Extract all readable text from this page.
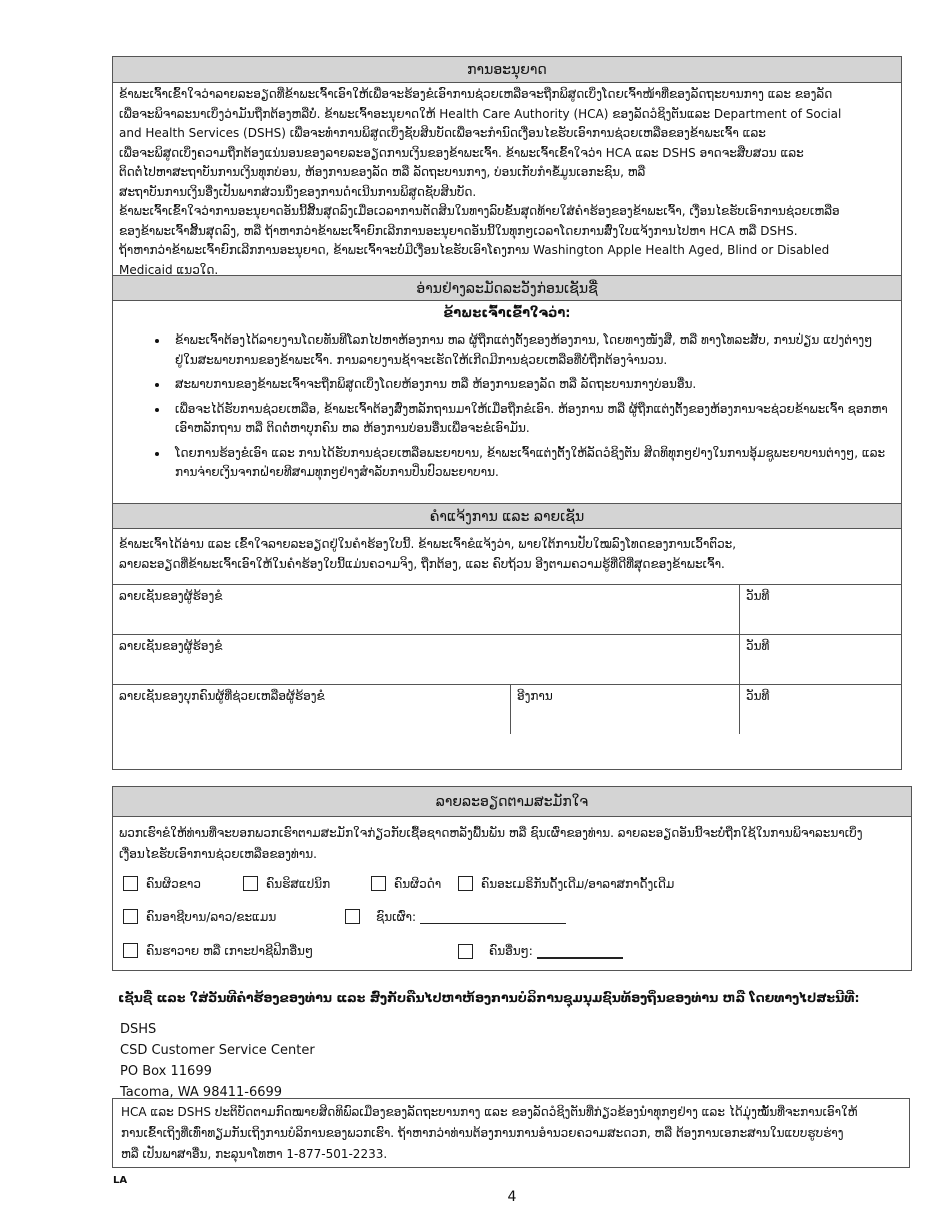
ການອະນຸຍາດ

ຂ້າພະເຈົ້າເຂົ້າໃຈວ່າລາຍລະອຽດທີ່ຂ້າພະເຈົ້າເອົາໃຫ້ເພື່ອຈະຮ້ອງຂໍເອົາການຊ່ວຍເຫລືອຈະຖືກພິສູດເບິ່ງໂດຍເຈົ້າໜ້າທີ່ຂອງລັດຖະບານກາງ ແລະ ຂອງລັດ

ເພື່ອຈະພິຈາລະນາເບິ່ງວ່າມັນຖືກຕ້ອງຫລືບໍ່. ຂ້າພະເຈົ້າອະນຸຍາດໃຫ້ Health Care Authority (HCA) ຂອງລັດວໍຊິງຕັນແລະ Department of Social

and Health Services (DSHS) ເພື່ອຈະທຳການພິສູດເບິ່ງຊັບສິນບັດເພື່ອຈະກຳນົດເງື່ອນໄຂຮັບເອົາການຊ່ວຍເຫລືອຂອງຂ້າພະເຈົ້າ ແລະ

ເພື່ອຈະພິສູດເບິ່ງຄວາມຖືກຕ້ອງແນ່ນອນຂອງລາຍລະອຽດການເງິນຂອງຂ້າພະເຈົ້າ. ຂ້າພະເຈົ້າເຂົ້າໃຈວ່າ HCA ແລະ DSHS ອາດຈະສືບສວນ ແລະ

ຕິດຕໍ່ໄປຫາສະຖາບັນການເງິນທຸກບ່ອນ, ຫ້ອງການຂອງລັດ ຫລື ລັດຖະບານກາງ, ບ່ອນເກັບກຳຂໍ້ມູນເອກະຊົນ, ຫລື

ສະຖາບັນການເງິນອື່ງເປັນພາກສ່ວນນຶ່ງຂອງການດຳເນີນການພິສູດຊັບສິນບັດ.

ຂ້າພະເຈົ້າເຂົ້າໃຈວ່າການອະນຸຍາດອັນນີ້ສິ້ນສຸດລົງເມື່ອເວລາການຕັດສິນໃນທາງລົບຂັ້ນສຸດທ້າຍໃສ່ຄຳຮ້ອງຂອງຂ້າພະເຈົ້າ, ເງື່ອນໄຂຮັບເອົາການຊ່ວຍເຫລືອ

ຂອງຂ້າພະເຈົ້າສິ້ນສຸດລົງ, ຫລື ຖ້າຫາກວ່າຂ້າພະເຈົ້າຍົກເລີກການອະນຸຍາດອັນນີ້ໃນທຸກໆເວລາໂດຍການສົ່ງໃບແຈ້ງການໄປຫາ HCA ຫລື DSHS.

ຖ້າຫາກວ່າຂ້າພະເຈົ້າຍົກເລີກການອະນຸຍາດ, ຂ້າພະເຈົ້າຈະບໍ່ມີເງື່ອນໄຂຮັບເອົາໂຄງການ Washington Apple Health Aged, Blind or Disabled

Medicaid ແນວໃດ.

ອ່ານຢ່າງລະມັດລະວັງກ່ອນເຊັນຊື່
ຂ້າພະເຈົ້າເຂົ້າໃຈວ່າ:
• ຂ້າພະເຈົ້າຕ້ອງໄດ້ລາຍງານໂດຍທັນທີໂລກໄປຫາຫ້ອງການ ຫລ ຜູ້ຖືກແຕ່ງຕັ້ງຂອງຫ້ອງການ, ໂດຍທາງໜັງສື, ຫລື ທາງໂທລະສັບ, ການປ່ຽນ ແປງຕ່າງໆຢູ່ໃນສະພາບການຂອງຂ້າພະເຈົ້າ. ການລາຍງານຊ້າຈະເຮັດໃຫ້ເກີດມີການຊ່ວຍເຫລືອທີ່ບໍ່ຖືກຕ້ອງຈຳນວນ.
• ສະພາບການຂອງຂ້າພະເຈົ້າຈະຖືກພິສູດເບິ່ງໂດຍຫ້ອງການ ຫລື ຫ້ອງການຂອງລັດ ຫລື ລັດຖະບານກາງບ່ອນອື່ນ.
• ເພື່ອຈະໄດ້ຮັບການຊ່ວຍເຫລືອ, ຂ້າພະເຈົ້າຕ້ອງສົ່ງຫລັກຖານມາໃຫ້ເມື່ອຖືກຂໍເອົາ. ຫ້ອງການ ຫລື ຜູ້ຖືກແຕ່ງຕັ້ງຂອງຫ້ອງການຈະຊ່ວຍຂ້າພະເຈົ້າ ຊອກຫາເອົາຫລັກຖານ ຫລື ຕິດຕໍ່ຫາບຸກຄົນ ຫລ ຫ້ອງການບ່ອນອື່ນເພື່ອຈະຂໍເອົາມັນ.
• ໂດຍການຮ້ອງຂໍເອົາ ແລະ ການໄດ້ຮັບການຊ່ວຍເຫລືອພະຍາບານ, ຂ້າພະເຈົ້າແຕ່ງຕັ້ງໃຫ້ລັດວໍຊິງຕັນ ສິດທິທຸກໆຢ່າງໃນການອຸ້ມຊູພະຍາບານຕ່າງໆ, ແລະ ການຈ່າຍເງິນຈາກຝ່າຍທີສາມທຸກໆຢ່າງສຳລັບການປິ່ນປົວພະຍາບານ.
ຄຳແຈ້ງການ ແລະ ລາຍເຊັນ

ຂ້າພະເຈົ້າໄດ້ອ່ານ ແລະ ເຂົ້າໃຈລາຍລະອຽດຢູ່ໃນຄຳຮ້ອງໃບນີ້. ຂ້າພະເຈົ້າຂໍແຈ້ງວ່າ, ພາຍໃຕ້ການປັບໃໝລົງໂທດຂອງການເວົ້າຕົວະ,

ລາຍລະອຽດທີ່ຂ້າພະເຈົ້າເອົາໃຫ້ໃນຄຳຮ້ອງໃບນີ້ແມ່ນຄວາມຈິງ, ຖືກຕ້ອງ, ແລະ ຄົບຖ້ວນ ອີງຕາມຄວາມຮູ້ທີ່ດີທີ່ສຸດຂອງຂ້າພະເຈົ້າ.

ລາຍເຊັນຂອງຜູ້ຮ້ອງຂໍ	ວັນທີ
ລາຍເຊັນຂອງຜູ້ຮ້ອງຂໍ	ວັນທີ
ລາຍເຊັນຂອງບຸກຄົນຜູ້ທີ່ຊ່ວຍເຫລືອຜູ້ຮ້ອງຂໍ	ອີງການ	ວັນທີ
ລາຍລະອຽດຕາມສະມັກໃຈ

ພວກເຮົາຂໍໃຫ້ທ່ານທີ່ຈະບອກພວກເຮົາຕາມສະມັກໃຈກ່ຽວກັບເຊື້ອຊາດຫລັງພື້ນພັນ ຫລື ຊົນເຜົ່າຂອງທ່ານ. ລາຍລະອຽດອັນນີ້ຈະບໍ່ຖືກໃຊ້ໃນການພິຈາລະນາເບິ່ງ

ເງື່ອນໄຂຮັບເອົາການຊ່ວຍເຫລືອຂອງທ່ານ.

ຄົນຜິວຂາວ	ຄົນຮິສແປນິກ	ຄົນຜິວດຳ	ຄົນອະເມຣິກັນດັ້ງເດີມ/ອາລາສກາດັ້ງເດີມ
ຄົນອາຊີບານ/ລາວ/ຂະແມນ	ຊົນເຜົ່າ:
ຄົນຮາວາຍ ຫລື ເກາະປາຊີຟິກອື່ນໆ	ຄົນອື່ນໆ:
ເຊັນຊື່ ແລະ ໃສ່ວັນທີຄຳຮ້ອງຂອງທ່ານ ແລະ ສົ່ງກັບຄືນໄປຫາຫ້ອງການບໍລິການຊຸມນຸມຊົນທ້ອງຖິ່ນຂອງທ່ານ ຫລື ໂດຍທາງໄປສະນີທີ່:
DSHS
CSD Customer Service Center
PO Box 11699
Tacoma, WA 98411-6699
HCA ແລະ DSHS ປະຕິບັດຕາມກົດໝາຍສິດທິພົລເມືອງຂອງລັດຖະບານກາງ ແລະ ຂອງລັດວໍຊິງຕັນທີ່ກ່ຽວຂ້ອງນຳທຸກໆຢ່າງ ແລະ ໄດ້ມຸ່ງໝັ້ນທີ່ຈະການເອົາໃຫ້
ການເຂົ້າເຖິງທີ່ເທົ່າທຽມກັນເຖິງການບໍລິການຂອງພວກເຮົາ. ຖ້າຫາກວ່າທ່ານຕ້ອງການການອຳນວຍຄວາມສະດວກ, ຫລື ຕ້ອງການເອກະສານໃນແບບຮູບຮ່າງ
ຫລື ເປັນພາສາອື່ນ, ກະລຸນາໂທຫາ 1-877-501-2233.
LA
4
